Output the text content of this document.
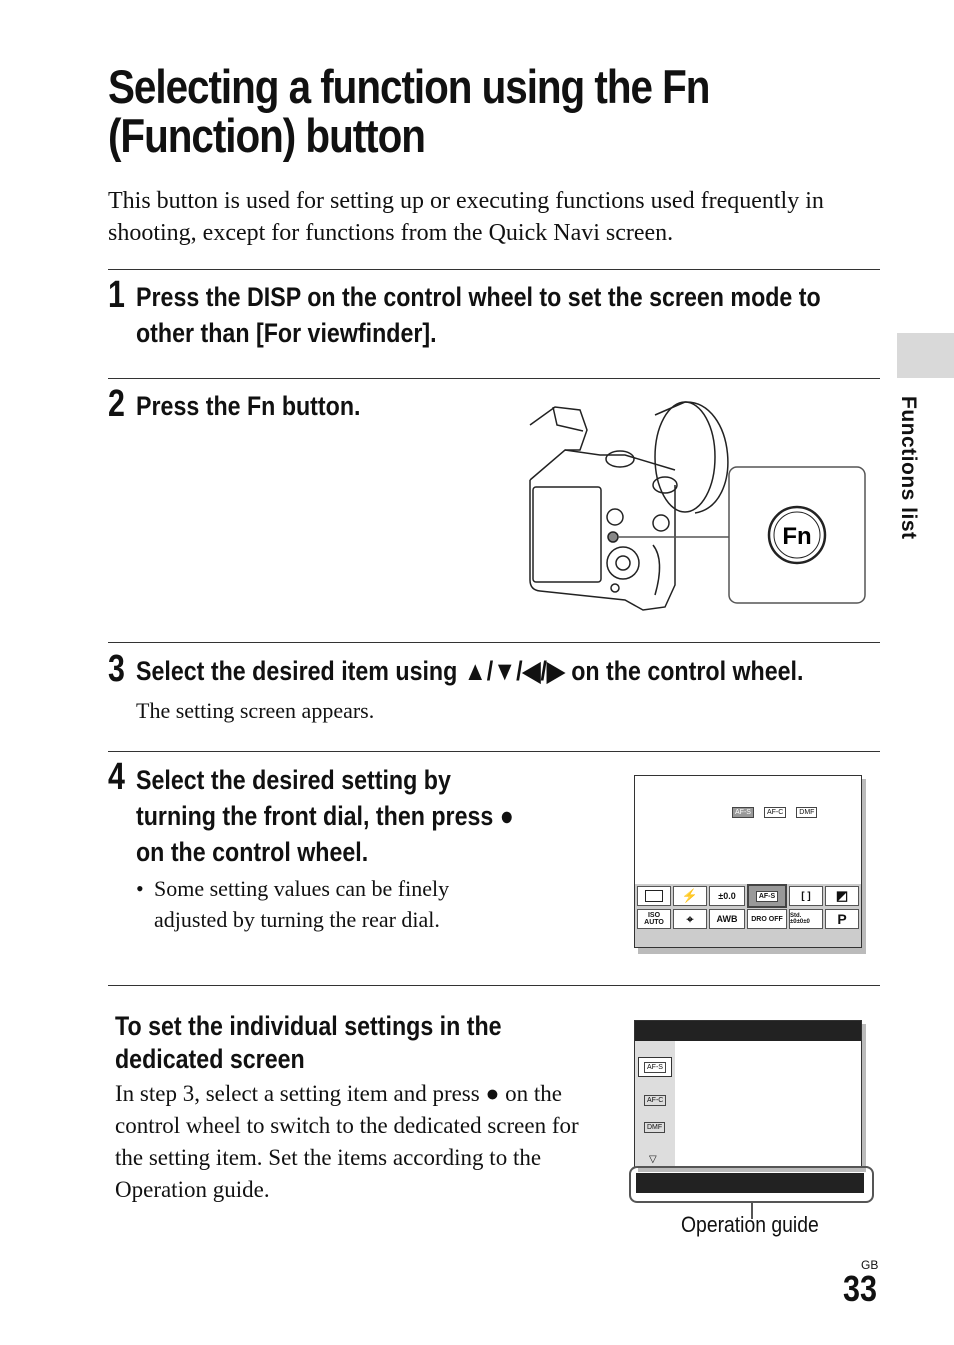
Selecting a function using the Fn (Function) button
This button is used for setting up or executing functions used frequently in shooting, except for functions from the Quick Navi screen.
Functions list
1 Press the DISP on the control wheel to set the screen mode to other than [For viewfinder].
2 Press the Fn button.
Fn
3 Select the desired item using ▲/▼/◀/▶ on the control wheel.
The setting screen appears.
4 Select the desired setting by turning the front dial, then press ● on the control wheel.
• Some setting values can be finely adjusted by turning the rear dial.
AF-S	AF-C	DMF
⚡	±0.0	AF-S	[ ]	◩
ISO AUTO	⌖	AWB	DRO OFF	Std. ±0±0±0	P
To set the individual settings in the dedicated screen
In step 3, select a setting item and press ● on the control wheel to switch to the dedicated screen for the setting item. Set the items according to the Operation guide.
AF-S
AF-C
DMF
▽
Operation guide
GB
33
